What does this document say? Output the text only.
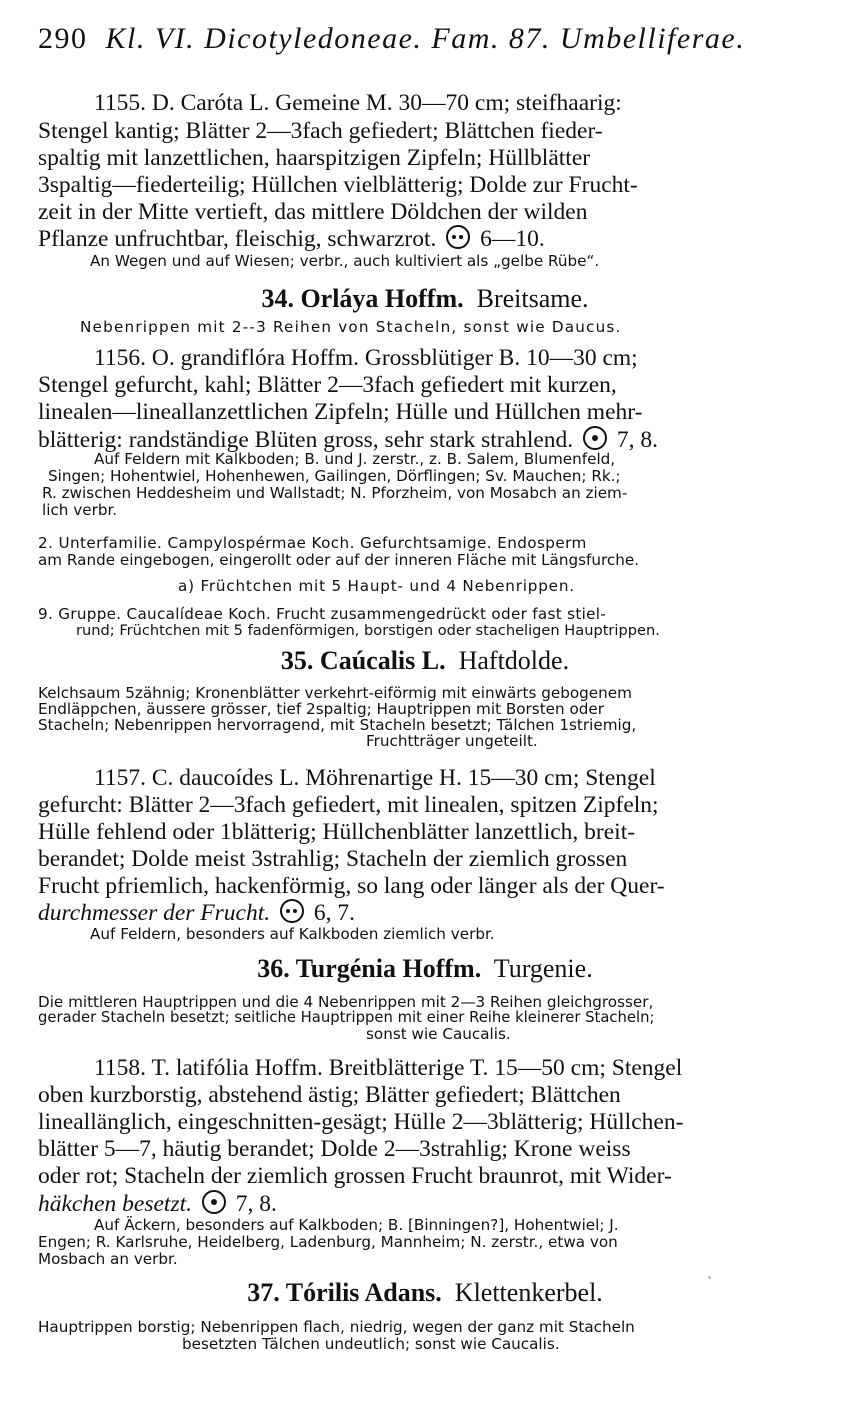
290 Kl. VI. Dicotyledoneae. Fam. 87. Umbelliferae.
1155. D. Caróta L. Gemeine M. 30—70 cm; steifhaarig:
Stengel kantig; Blätter 2—3fach gefiedert; Blättchen fieder-
spaltig mit lanzettlichen, haarspitzigen Zipfeln; Hüllblätter
3spaltig—fiederteilig; Hüllchen vielblätterig; Dolde zur Frucht-
zeit in der Mitte vertieft, das mittlere Döldchen der wilden
Pflanze unfruchtbar, fleischig, schwarzrot. 6—10.
An Wegen und auf Wiesen; verbr., auch kultiviert als „gelbe Rübe“.
34. Orláya Hoffm. Breitsame.
Nebenrippen mit 2--3 Reihen von Stacheln, sonst wie Daucus.
1156. O. grandiflóra Hoffm. Grossblütiger B. 10—30 cm;
Stengel gefurcht, kahl; Blätter 2—3fach gefiedert mit kurzen,
linealen—lineallanzettlichen Zipfeln; Hülle und Hüllchen mehr-
blätterig: randständige Blüten gross, sehr stark strahlend. 7, 8.
Auf Feldern mit Kalkboden; B. und J. zerstr., z. B. Salem, Blumenfeld,
Singen; Hohentwiel, Hohenhewen, Gailingen, Dörflingen; Sv. Mauchen; Rk.;
R. zwischen Heddesheim und Wallstadt; N. Pforzheim, von Mosabch an ziem-
lich verbr.
2. Unterfamilie. Campylospérmae Koch. Gefurchtsamige. Endosperm
am Rande eingebogen, eingerollt oder auf der inneren Fläche mit Längsfurche.
a) Früchtchen mit 5 Haupt- und 4 Nebenrippen.
9. Gruppe. Caucalídeae Koch. Frucht zusammengedrückt oder fast stiel-
rund; Früchtchen mit 5 fadenförmigen, borstigen oder stacheligen Hauptrippen.
35. Caúcalis L. Haftdolde.
Kelchsaum 5zähnig; Kronenblätter verkehrt-eiförmig mit einwärts gebogenem
Endläppchen, äussere grösser, tief 2spaltig; Hauptrippen mit Borsten oder
Stacheln; Nebenrippen hervorragend, mit Stacheln besetzt; Tälchen 1striemig,
Fruchtträger ungeteilt.
1157. C. daucoídes L. Möhrenartige H. 15—30 cm; Stengel
gefurcht: Blätter 2—3fach gefiedert, mit linealen, spitzen Zipfeln;
Hülle fehlend oder 1blätterig; Hüllchenblätter lanzettlich, breit-
berandet; Dolde meist 3strahlig; Stacheln der ziemlich grossen
Frucht pfriemlich, hackenförmig, so lang oder länger als der Quer-
durchmesser der Frucht. 6, 7.
Auf Feldern, besonders auf Kalkboden ziemlich verbr.
36. Turgénia Hoffm. Turgenie.
Die mittleren Hauptrippen und die 4 Nebenrippen mit 2—3 Reihen gleichgrosser,
gerader Stacheln besetzt; seitliche Hauptrippen mit einer Reihe kleinerer Stacheln;
sonst wie Caucalis.
1158. T. latifólia Hoffm. Breitblätterige T. 15—50 cm; Stengel
oben kurzborstig, abstehend ästig; Blätter gefiedert; Blättchen
lineallänglich, eingeschnitten-gesägt; Hülle 2—3blätterig; Hüllchen-
blätter 5—7, häutig berandet; Dolde 2—3strahlig; Krone weiss
oder rot; Stacheln der ziemlich grossen Frucht braunrot, mit Wider-
häkchen besetzt. 7, 8.
Auf Äckern, besonders auf Kalkboden; B. [Binningen?], Hohentwiel; J.
Engen; R. Karlsruhe, Heidelberg, Ladenburg, Mannheim; N. zerstr., etwa von
Mosbach an verbr.
37. Tórilis Adans. Klettenkerbel.
Hauptrippen borstig; Nebenrippen flach, niedrig, wegen der ganz mit Stacheln
besetzten Tälchen undeutlich; sonst wie Caucalis.
